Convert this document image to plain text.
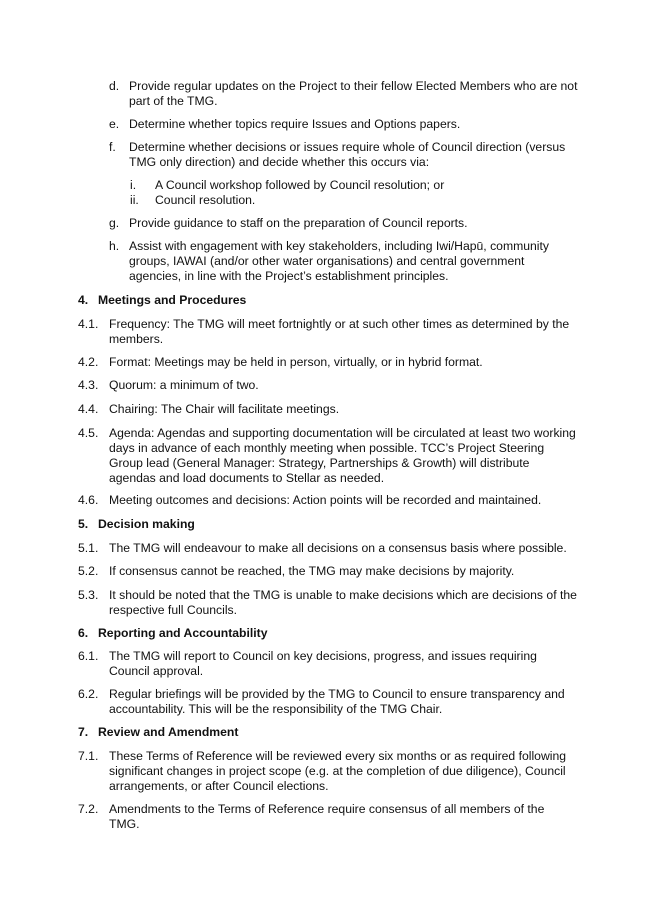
d. Provide regular updates on the Project to their fellow Elected Members who are not
part of the TMG.
e. Determine whether topics require Issues and Options papers.
f. Determine whether decisions or issues require whole of Council direction (versus
TMG only direction) and decide whether this occurs via:
i. A Council workshop followed by Council resolution; or
ii. Council resolution.
g. Provide guidance to staff on the preparation of Council reports.
h. Assist with engagement with key stakeholders, including Iwi/Hapū, community
groups, IAWAI (and/or other water organisations) and central government
agencies, in line with the Project’s establishment principles.
4. Meetings and Procedures
4.1. Frequency: The TMG will meet fortnightly or at such other times as determined by the
members.
4.2. Format: Meetings may be held in person, virtually, or in hybrid format.
4.3. Quorum: a minimum of two.
4.4. Chairing: The Chair will facilitate meetings.
4.5. Agenda: Agendas and supporting documentation will be circulated at least two working
days in advance of each monthly meeting when possible. TCC’s Project Steering
Group lead (General Manager: Strategy, Partnerships & Growth) will distribute
agendas and load documents to Stellar as needed.
4.6. Meeting outcomes and decisions: Action points will be recorded and maintained.
5. Decision making
5.1. The TMG will endeavour to make all decisions on a consensus basis where possible.
5.2. If consensus cannot be reached, the TMG may make decisions by majority.
5.3. It should be noted that the TMG is unable to make decisions which are decisions of the
respective full Councils.
6. Reporting and Accountability
6.1. The TMG will report to Council on key decisions, progress, and issues requiring
Council approval.
6.2. Regular briefings will be provided by the TMG to Council to ensure transparency and
accountability. This will be the responsibility of the TMG Chair.
7. Review and Amendment
7.1. These Terms of Reference will be reviewed every six months or as required following
significant changes in project scope (e.g. at the completion of due diligence), Council
arrangements, or after Council elections.
7.2. Amendments to the Terms of Reference require consensus of all members of the
TMG.
